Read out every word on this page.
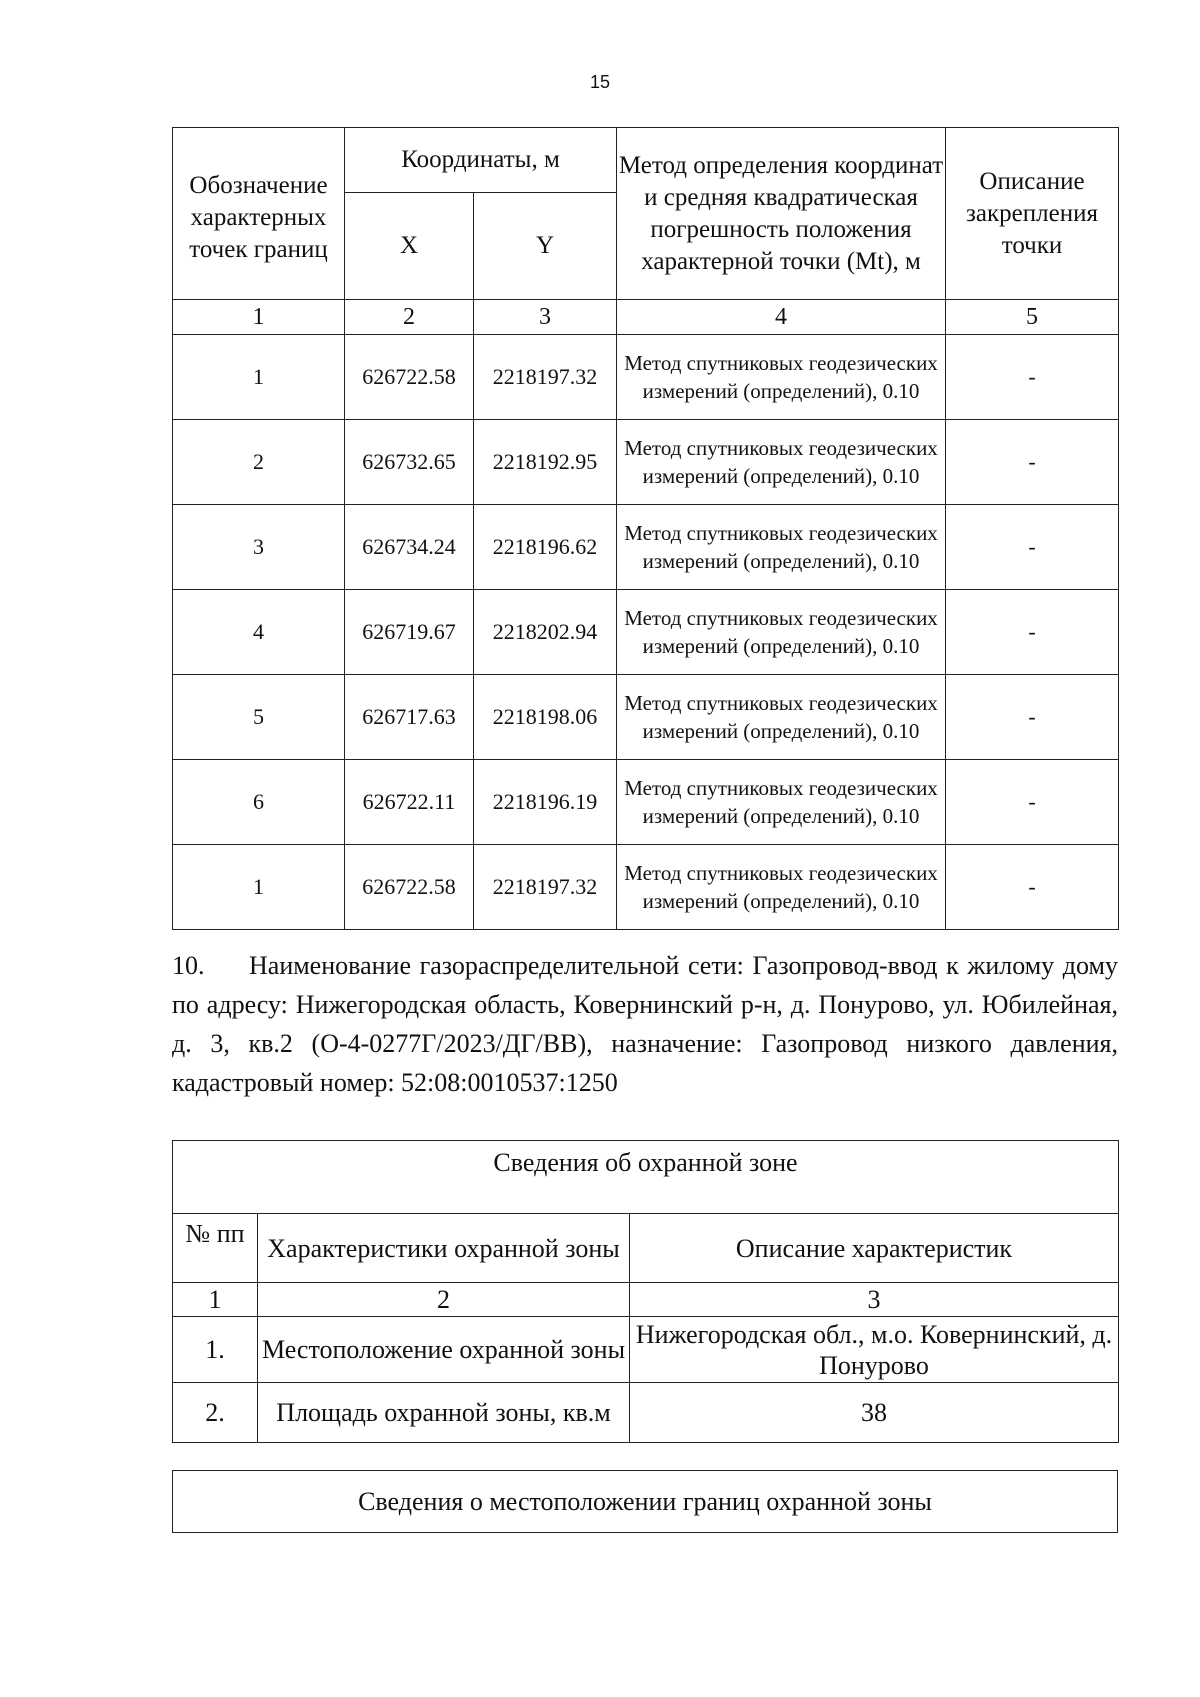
15
Обозначение характерных точек границ	Координаты, м		Метод определения координат и средняя квадратическая погрешность положения характерной точки (Mt), м	Описание закрепления точки
	X	Y		
1	2	3	4	5
1	626722.58	2218197.32	Метод спутниковых геодезических измерений (определений), 0.10	-
2	626732.65	2218192.95	Метод спутниковых геодезических измерений (определений), 0.10	-
3	626734.24	2218196.62	Метод спутниковых геодезических измерений (определений), 0.10	-
4	626719.67	2218202.94	Метод спутниковых геодезических измерений (определений), 0.10	-
5	626717.63	2218198.06	Метод спутниковых геодезических измерений (определений), 0.10	-
6	626722.11	2218196.19	Метод спутниковых геодезических измерений (определений), 0.10	-
1	626722.58	2218197.32	Метод спутниковых геодезических измерений (определений), 0.10	-

10. Наименование газораспределительной сети: Газопровод-ввод к жилому дому по адресу: Нижегородская область, Ковернинский р-н, д. Понурово, ул. Юбилейная, д. 3, кв.2 (О-4-0277Г/2023/ДГ/ВВ), назначение: Газопровод низкого давления, кадастровый номер: 52:08:0010537:1250

Сведения об охранной зоне		
№ пп	Характеристики охранной зоны	Описание характеристик
1	2	3
1.	Местоположение охранной зоны	Нижегородская обл., м.о. Ковернинский, д. Понурово
2.	Площадь охранной зоны, кв.м	38
Сведения о местоположении границ охранной зоны
